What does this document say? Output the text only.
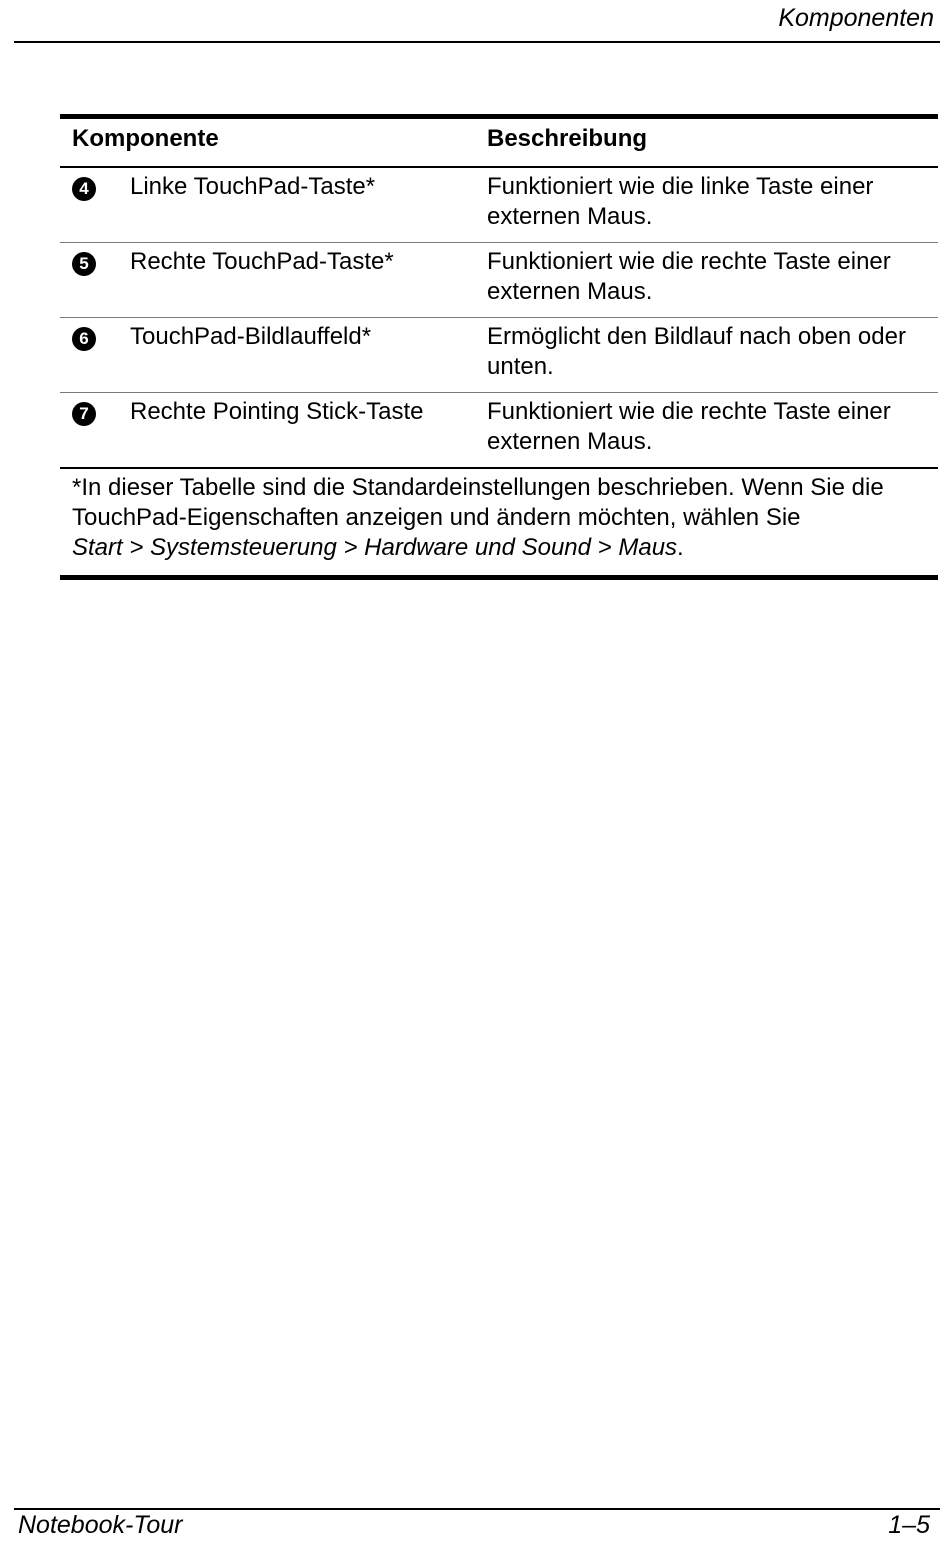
Komponenten
Komponente		Beschreibung
4	Linke TouchPad-Taste*	Funktioniert wie die linke Taste einer externen Maus.
5	Rechte TouchPad-Taste*	Funktioniert wie die rechte Taste einer externen Maus.
6	TouchPad-Bildlauffeld*	Ermöglicht den Bildlauf nach oben oder unten.
7	Rechte Pointing Stick-Taste	Funktioniert wie die rechte Taste einer externen Maus.
*In dieser Tabelle sind die Standardeinstellungen beschrieben. Wenn Sie die TouchPad-Eigenschaften anzeigen und ändern möchten, wählen Sie
Start > Systemsteuerung > Hardware und Sound > Maus.		
Notebook-Tour	1–5
